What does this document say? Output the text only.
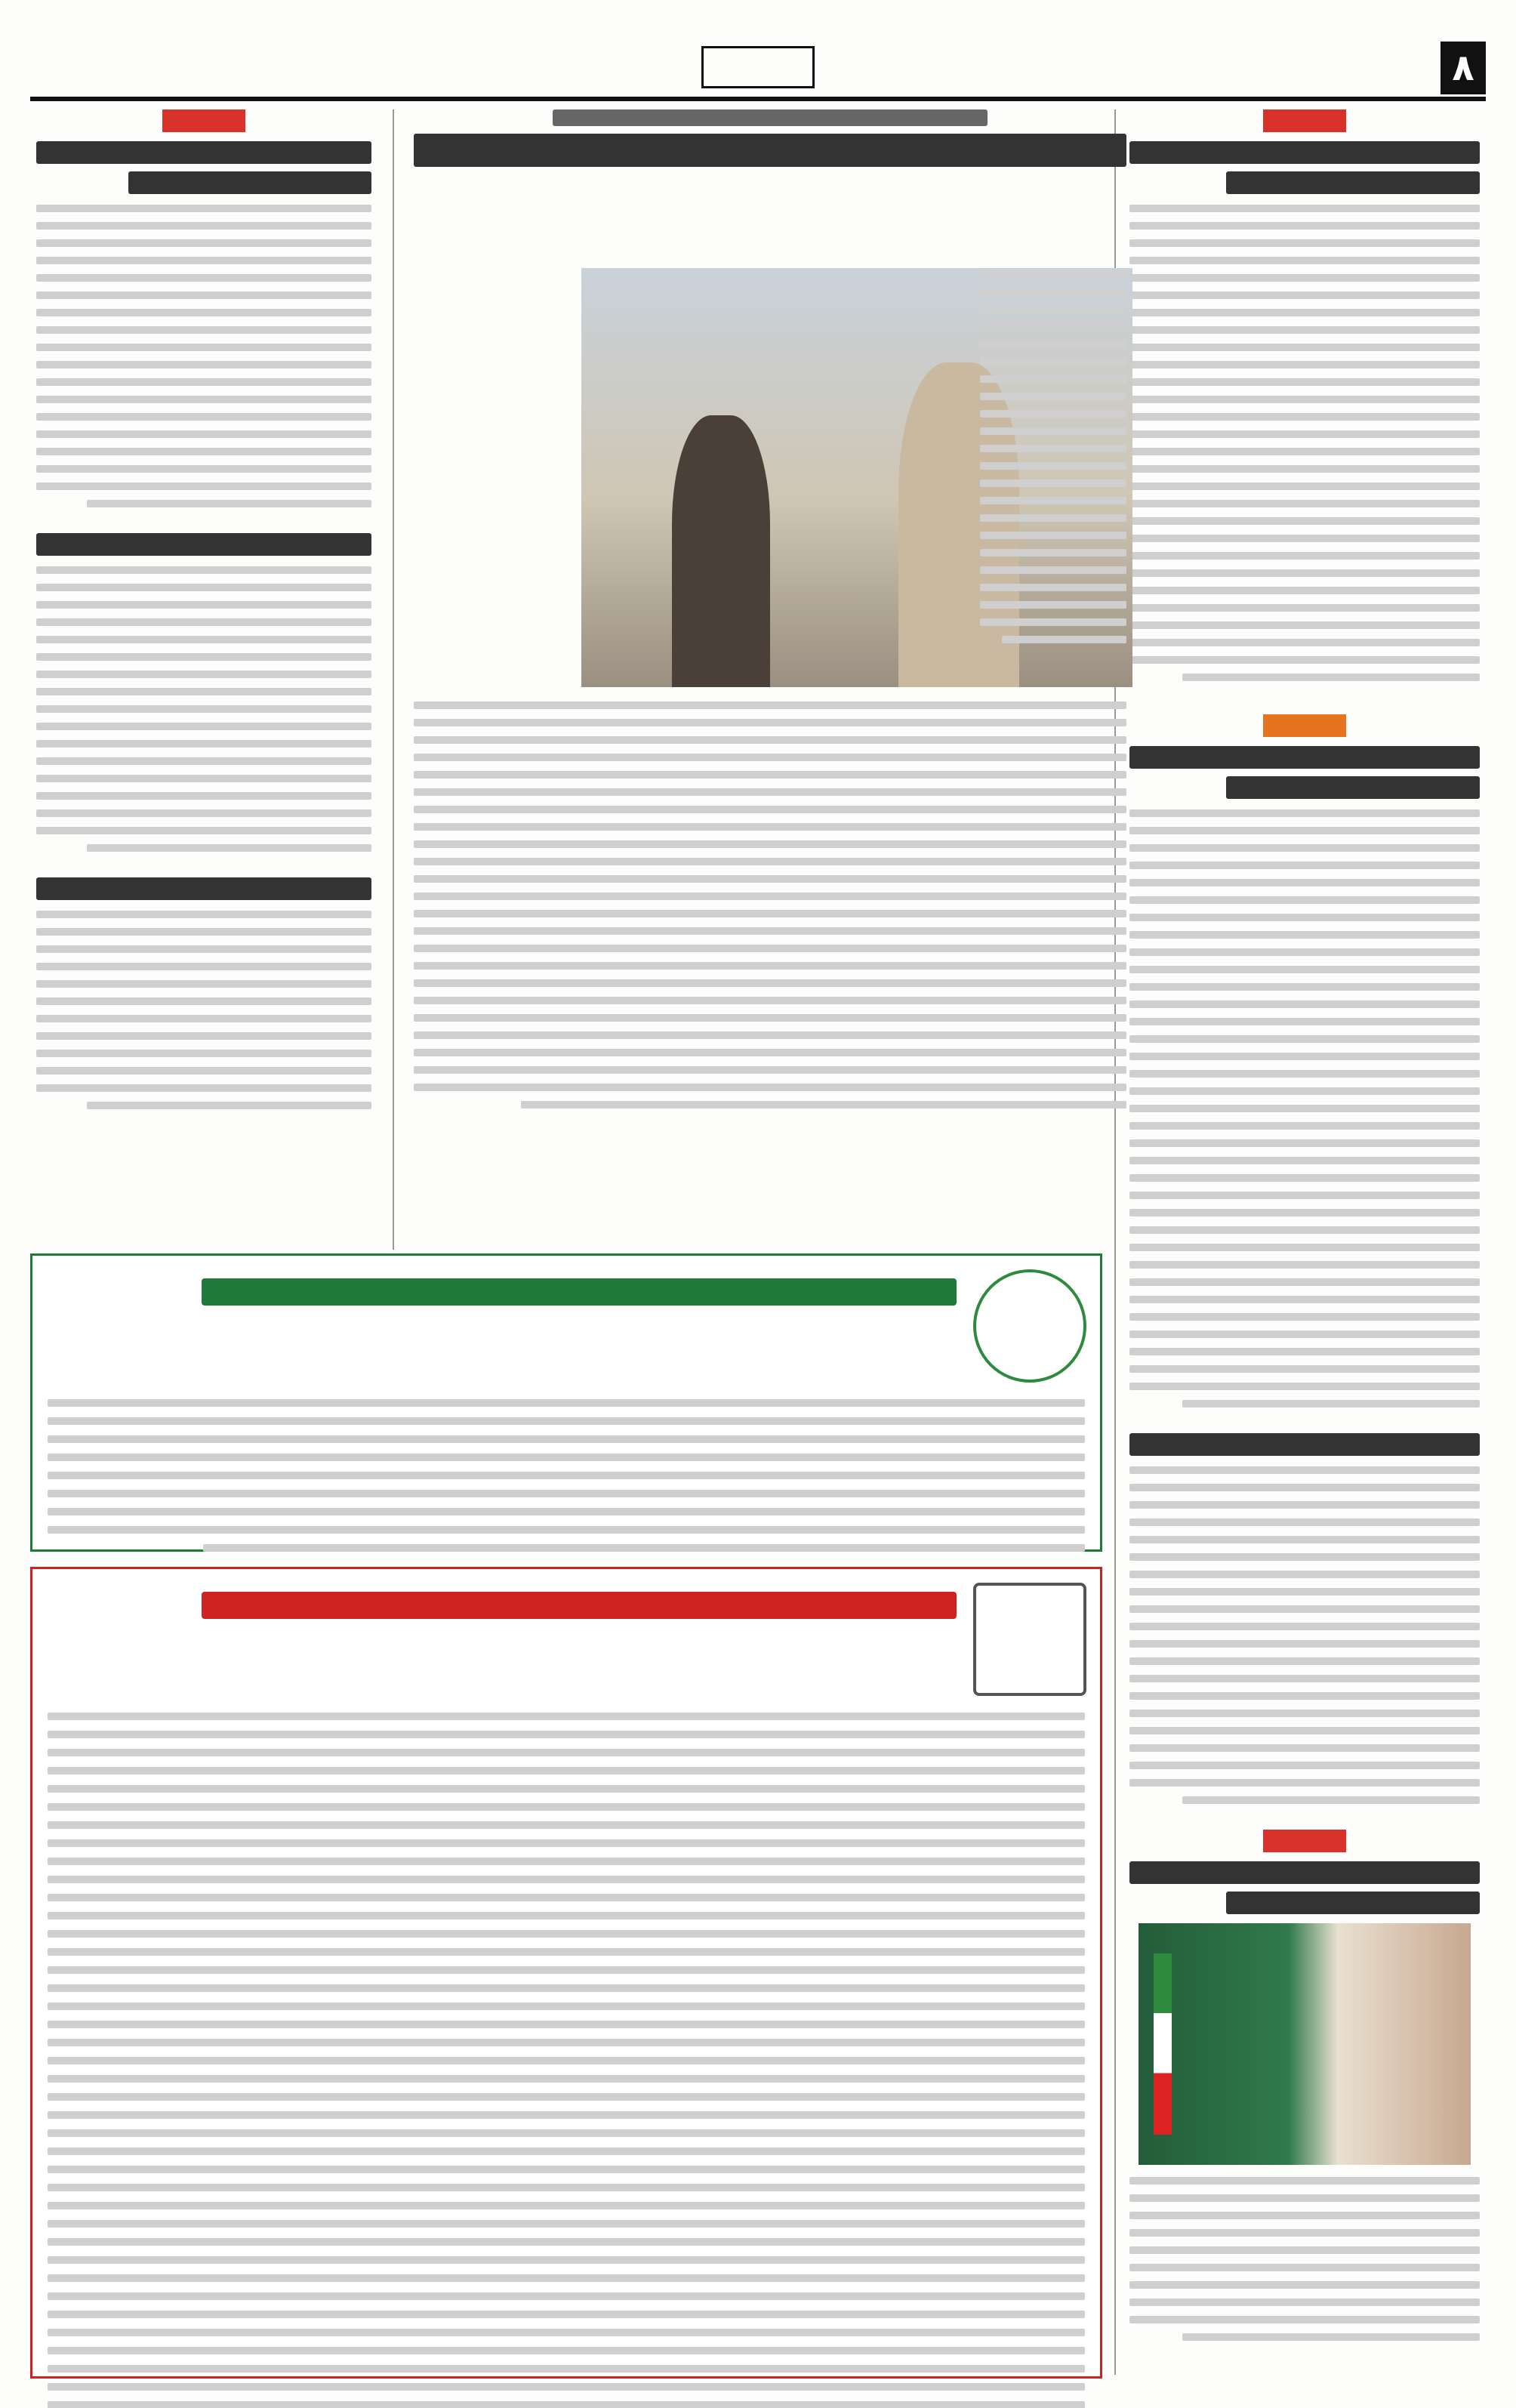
۸
